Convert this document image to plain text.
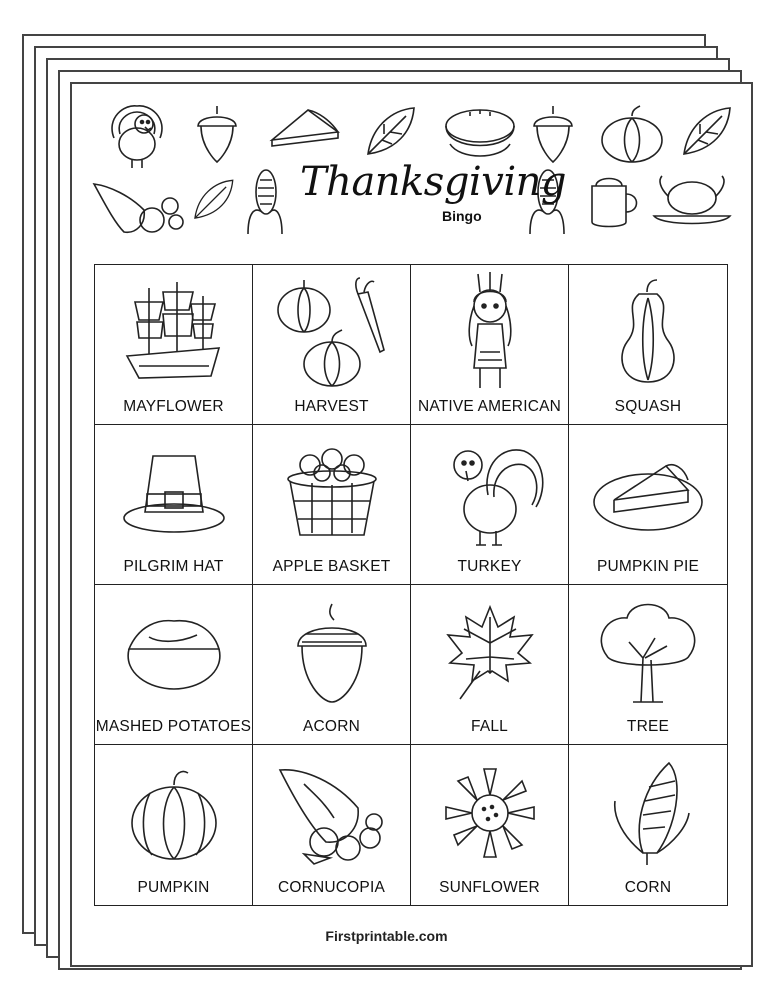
Thanksgiving
Bingo
MAYFLOWER	HARVEST	NATIVE AMERICAN	SQUASH
PILGRIM HAT	APPLE BASKET	TURKEY	PUMPKIN PIE
MASHED POTATOES	ACORN	FALL	TREE
PUMPKIN	CORNUCOPIA	SUNFLOWER	CORN
Firstprintable.com
